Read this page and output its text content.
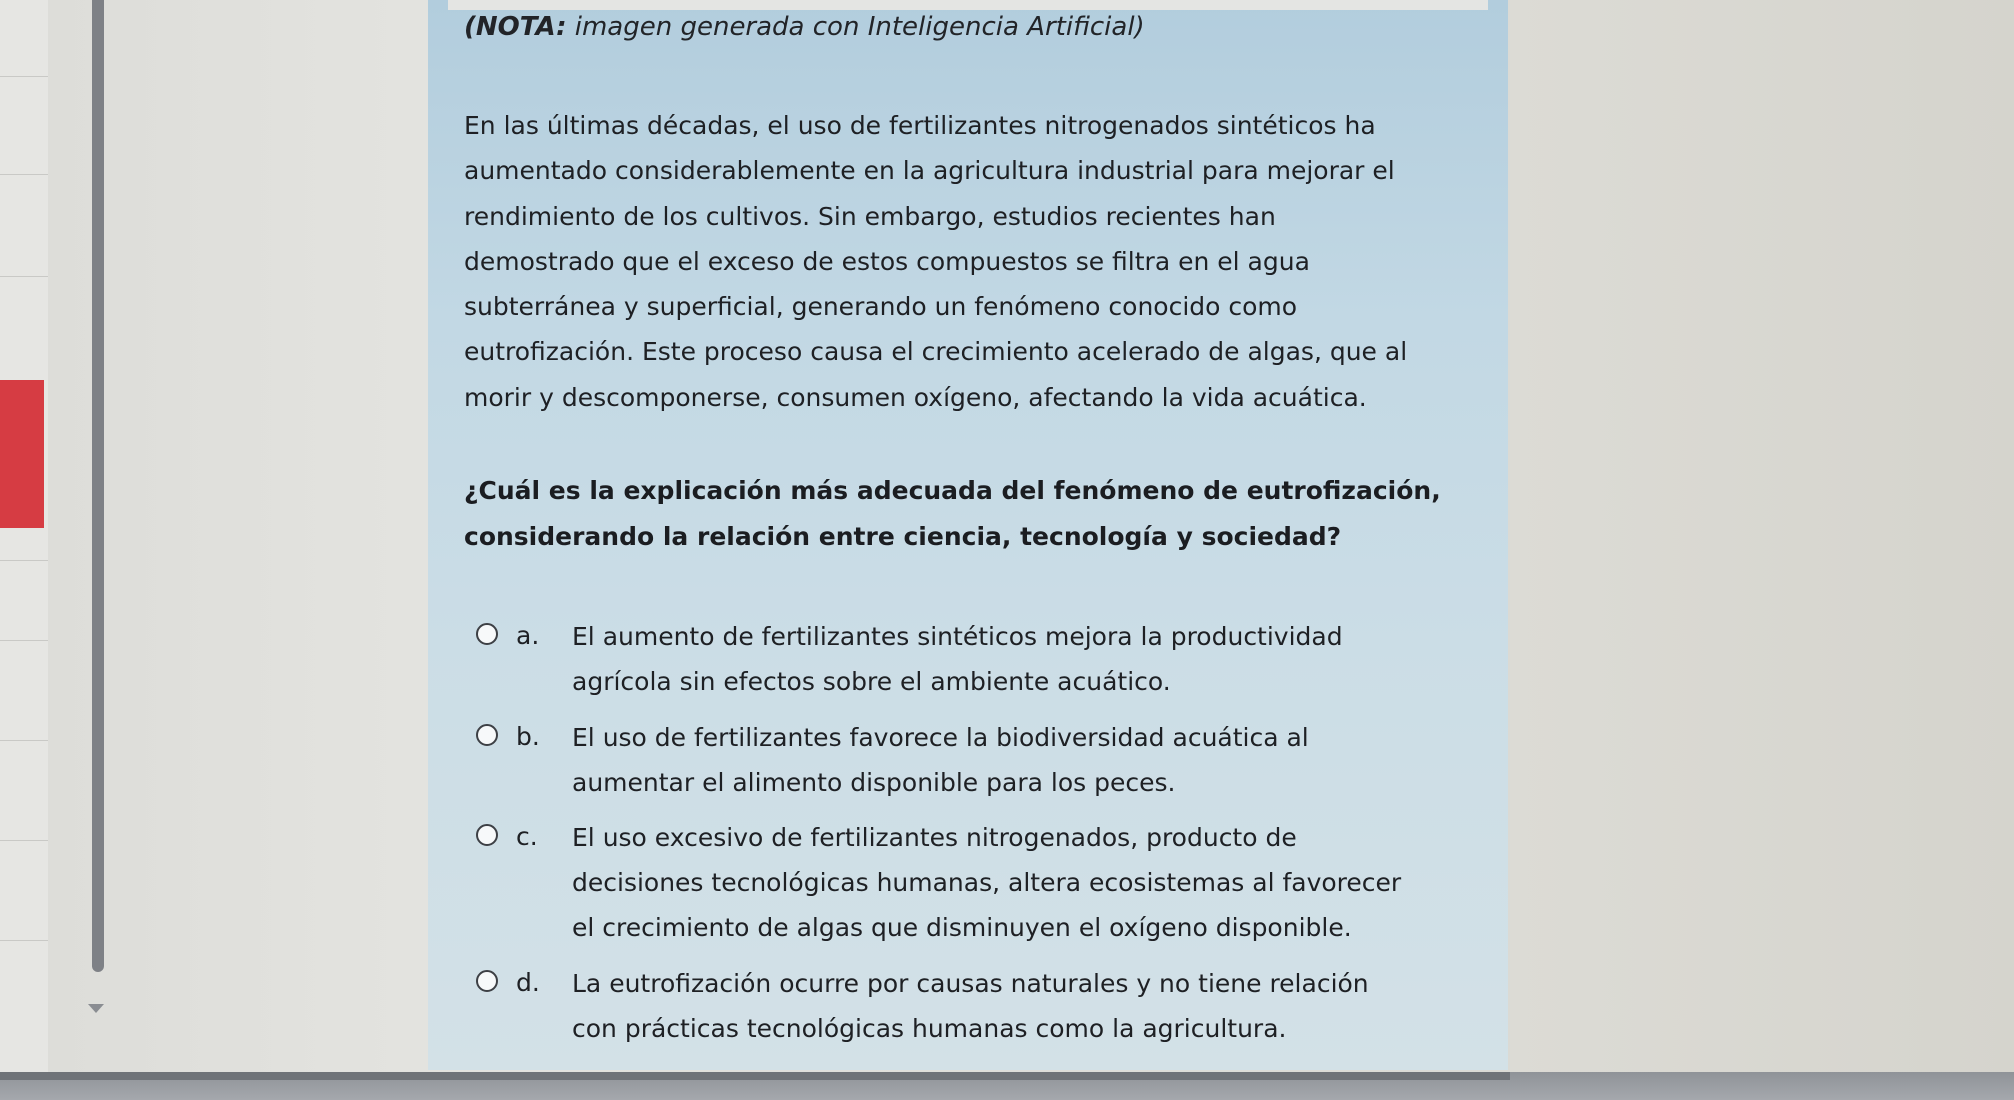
(NOTA: imagen generada con Inteligencia Artificial)

En las últimas décadas, el uso de fertilizantes nitrogenados sintéticos ha
aumentado considerablemente en la agricultura industrial para mejorar el
rendimiento de los cultivos. Sin embargo, estudios recientes han
demostrado que el exceso de estos compuestos se filtra en el agua
subterránea y superficial, generando un fenómeno conocido como
eutrofización. Este proceso causa el crecimiento acelerado de algas, que al
morir y descomponerse, consumen oxígeno, afectando la vida acuática.

¿Cuál es la explicación más adecuada del fenómeno de eutrofización,
considerando la relación entre ciencia, tecnología y sociedad?

a. El aumento de fertilizantes sintéticos mejora la productividad
agrícola sin efectos sobre el ambiente acuático.
b. El uso de fertilizantes favorece la biodiversidad acuática al
aumentar el alimento disponible para los peces.
c. El uso excesivo de fertilizantes nitrogenados, producto de
decisiones tecnológicas humanas, altera ecosistemas al favorecer
el crecimiento de algas que disminuyen el oxígeno disponible.
d. La eutrofización ocurre por causas naturales y no tiene relación
con prácticas tecnológicas humanas como la agricultura.
